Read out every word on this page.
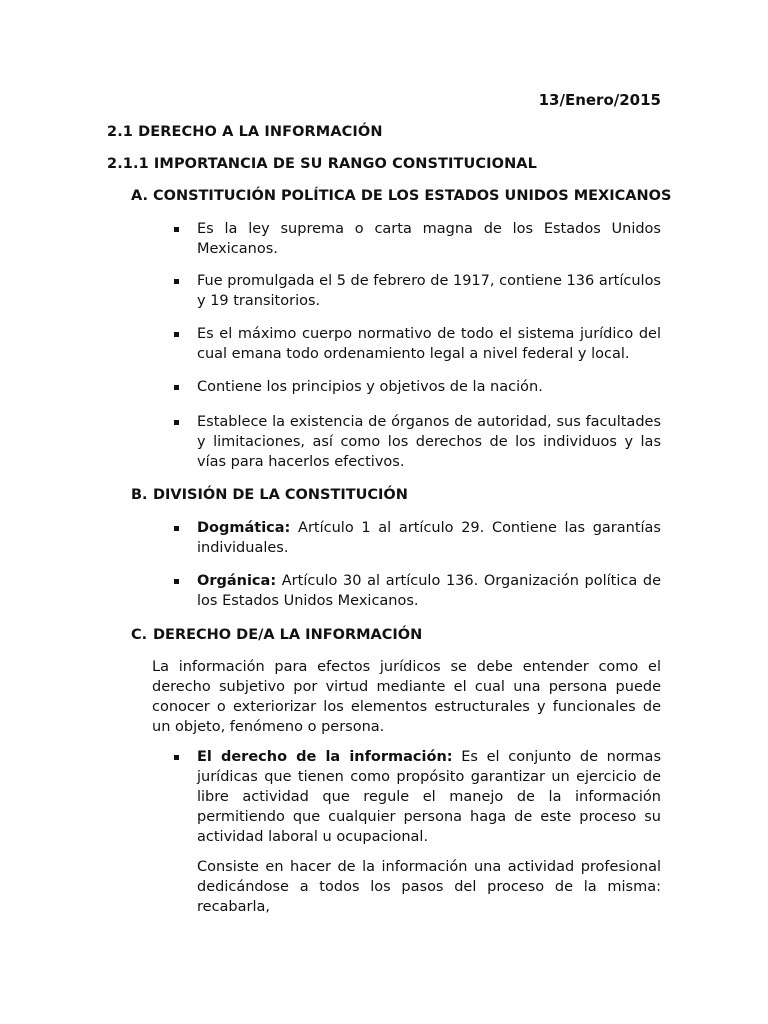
13/Enero/2015
2.1 DERECHO A LA INFORMACIÓN
2.1.1 IMPORTANCIA DE SU RANGO CONSTITUCIONAL
A. CONSTITUCIÓN POLÍTICA DE LOS ESTADOS UNIDOS MEXICANOS
Es la ley suprema o carta magna de los Estados Unidos Mexicanos.
Fue promulgada el 5 de febrero de 1917, contiene 136 artículos y 19 transitorios.
Es el máximo cuerpo normativo de todo el sistema jurídico del cual emana todo ordenamiento legal a nivel federal y local.
Contiene los principios y objetivos de la nación.
Establece la existencia de órganos de autoridad, sus facultades y limitaciones, así como los derechos de los individuos y las vías para hacerlos efectivos.
B. DIVISIÓN DE LA CONSTITUCIÓN
Dogmática: Artículo 1 al artículo 29. Contiene las garantías individuales.
Orgánica: Artículo 30 al artículo 136. Organización política de los Estados Unidos Mexicanos.
C. DERECHO DE/A LA INFORMACIÓN
La información para efectos jurídicos se debe entender como el derecho subjetivo por virtud mediante el cual una persona puede conocer o exteriorizar los elementos estructurales y funcionales de un objeto, fenómeno o persona.
El derecho de la información: Es el conjunto de normas jurídicas que tienen como propósito garantizar un ejercicio de libre actividad que regule el manejo de la información permitiendo que cualquier persona haga de este proceso su actividad laboral u ocupacional.
Consiste en hacer de la información una actividad profesional dedicándose a todos los pasos del proceso de la misma: recabarla,
